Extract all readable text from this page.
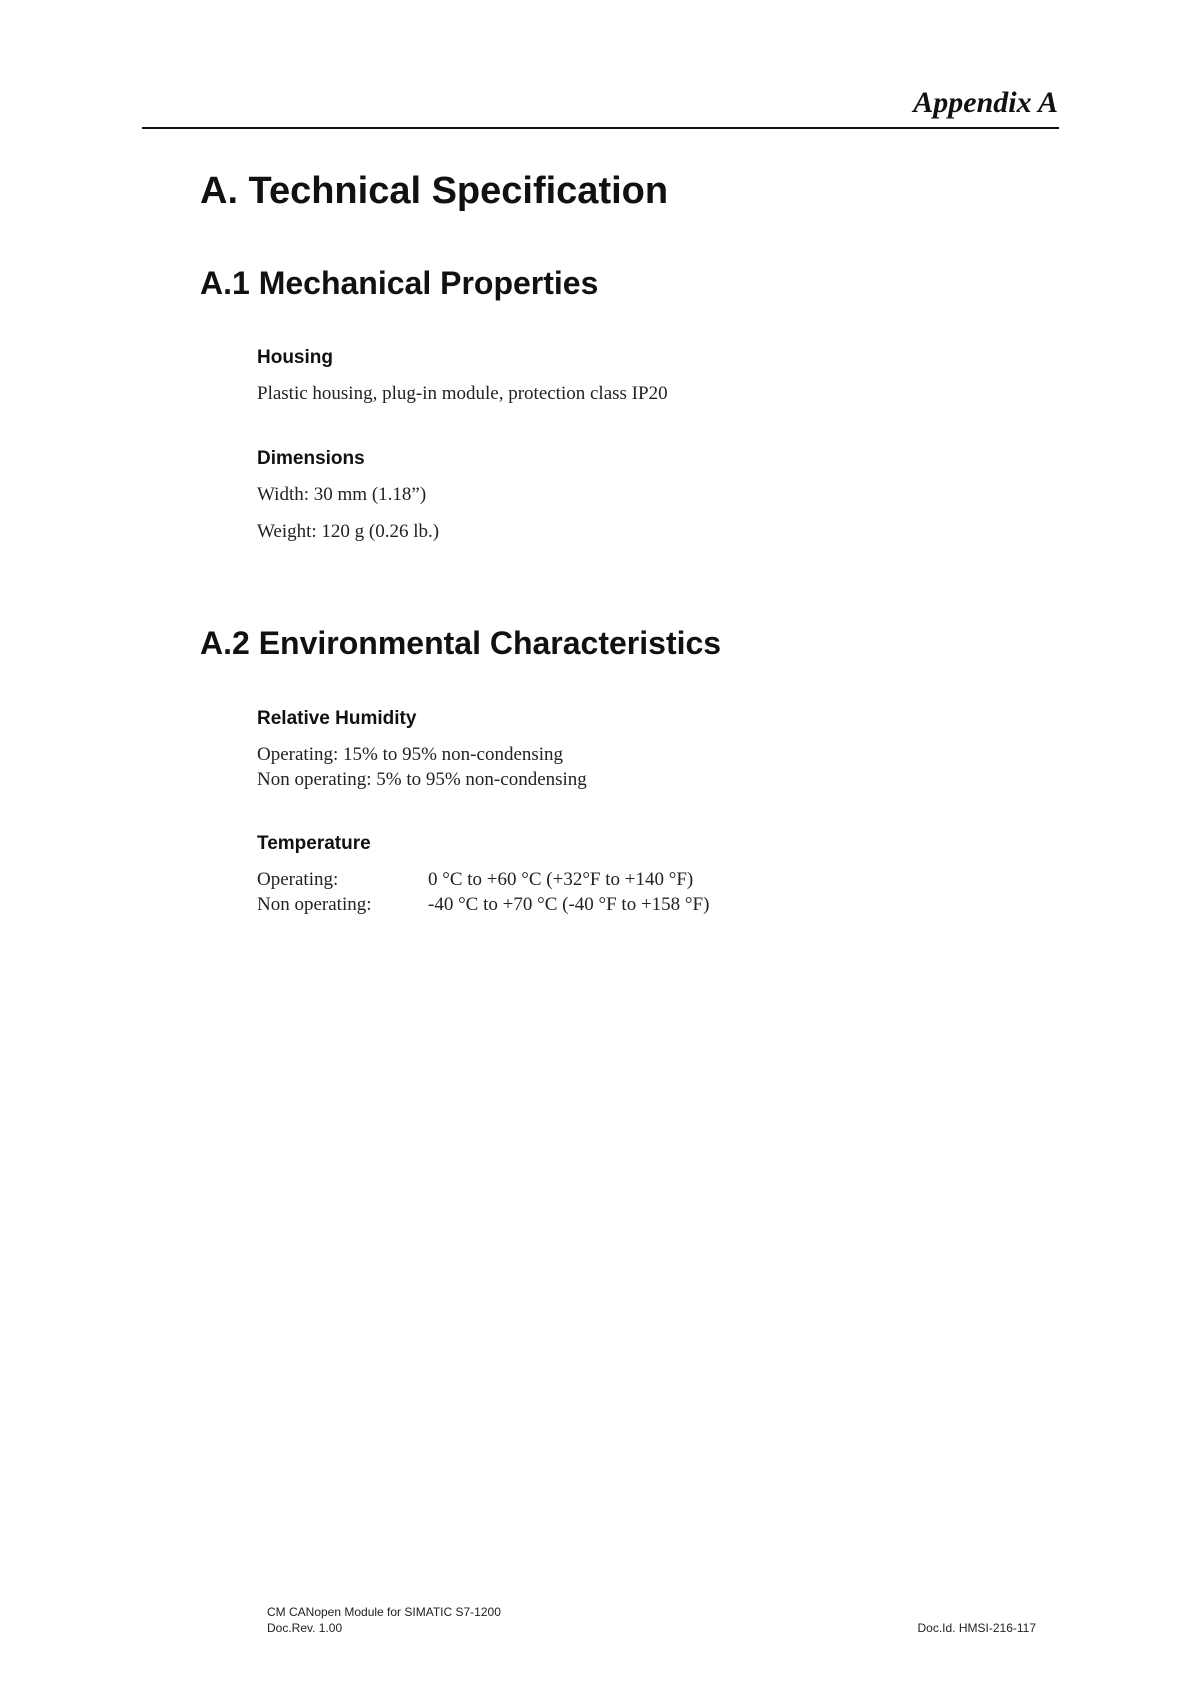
Appendix A
A. Technical Specification
A.1 Mechanical Properties
Housing
Plastic housing, plug-in module, protection class IP20
Dimensions
Width: 30 mm (1.18”)
Weight: 120 g (0.26 lb.)
A.2 Environmental Characteristics
Relative Humidity
Operating: 15% to 95% non-condensing
Non operating: 5% to 95% non-condensing
Temperature
Operating:	0 °C to +60 °C (+32°F to +140 °F)
Non operating:	-40 °C to +70 °C (-40 °F to +158 °F)
CM CANopen Module for SIMATIC S7-1200
Doc.Rev. 1.00	Doc.Id. HMSI-216-117
